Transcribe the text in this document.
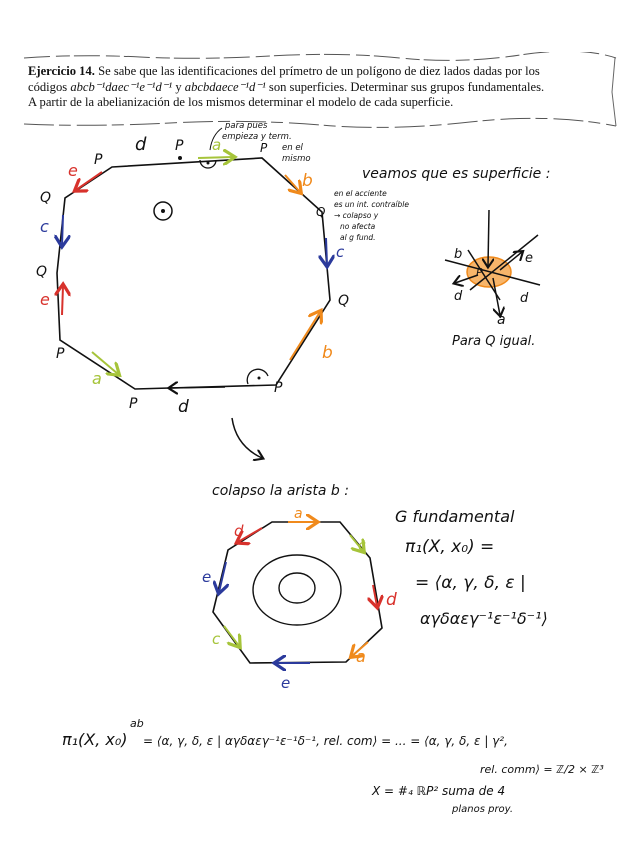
Ejercicio 14. Se sabe que las identificaciones del prímetro de un polígono de diez lados dadas por los
códigos abcb⁻¹daec⁻¹e⁻¹d⁻¹ y abcbdaece⁻¹d⁻¹ son superficies. Determinar sus grupos fundamentales.
A partir de la abelianización de los mismos determinar el modelo de cada superficie.
P
P	P
Q
Q
Q
P
P
P
Q
d	a
b
c
b
d
a
e
c
e
para pues
empieza y term.
en el
mismo
en el acciente
es un int. contraíble
→ colapso y
no afecta
al g fund.
veamos que es superficie :
P
b	e
d	d
a
Para Q igual.
colapso la arista b :
a
c
d
a
e
c
e
d
G fundamental
π₁(X, x₀) =
= ⟨α, γ, δ, ε |
αγδαεγ⁻¹ε⁻¹δ⁻¹⟩
ab
π₁(X, x₀) = ⟨α, γ, δ, ε | αγδαεγ⁻¹ε⁻¹δ⁻¹, rel. com⟩ = ... = ⟨α, γ, δ, ε | γ²,
rel. comm⟩ = ℤ/2 × ℤ³
X = #₄ ℝP² suma de 4
planos proy.
